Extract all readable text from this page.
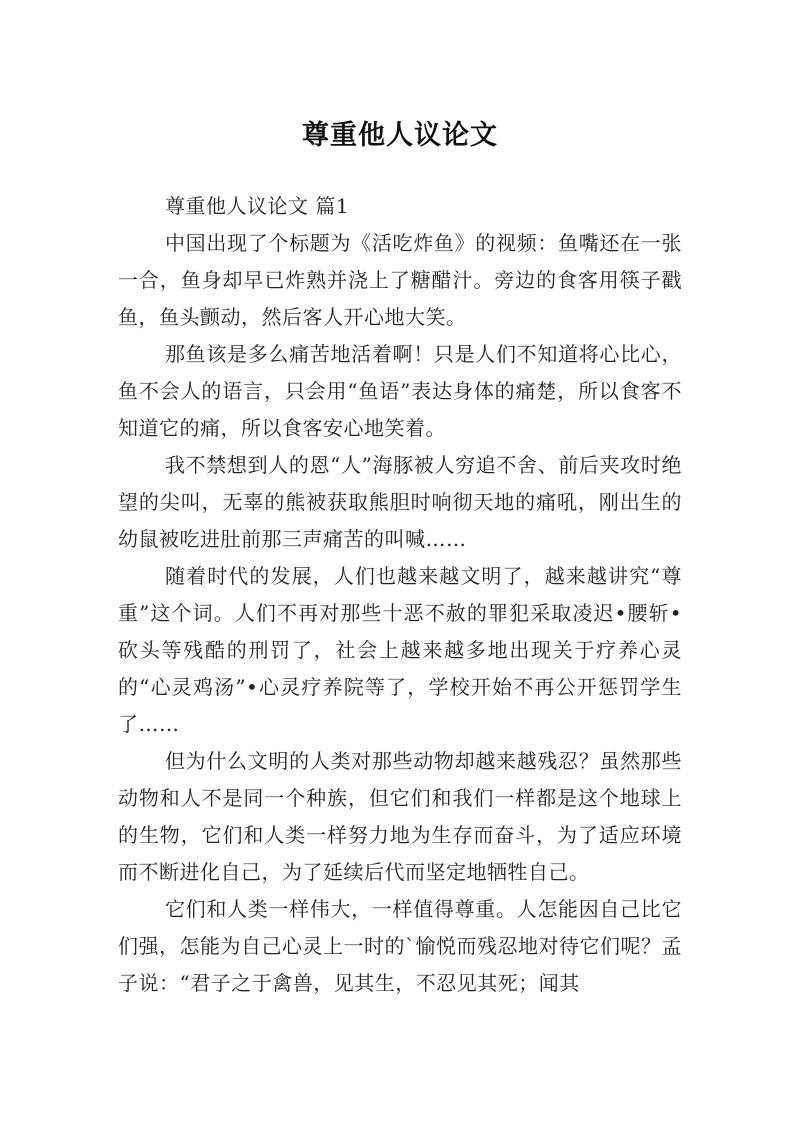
尊重他人议论文

尊重他人议论文 篇1

中国出现了个标题为《活吃炸鱼》的视频：鱼嘴还在一张一合，鱼身却早已炸熟并浇上了糖醋汁。旁边的食客用筷子戳鱼，鱼头颤动，然后客人开心地大笑。

那鱼该是多么痛苦地活着啊！只是人们不知道将心比心，鱼不会人的语言，只会用“鱼语”表达身体的痛楚，所以食客不知道它的痛，所以食客安心地笑着。

我不禁想到人的恩“人”海豚被人穷追不舍、前后夹攻时绝望的尖叫，无辜的熊被获取熊胆时响彻天地的痛吼，刚出生的幼鼠被吃进肚前那三声痛苦的叫喊……

随着时代的发展，人们也越来越文明了，越来越讲究“尊重”这个词。人们不再对那些十恶不赦的罪犯采取凌迟•腰斩•砍头等残酷的刑罚了，社会上越来越多地出现关于疗养心灵的“心灵鸡汤”•心灵疗养院等了，学校开始不再公开惩罚学生了……

但为什么文明的人类对那些动物却越来越残忍？虽然那些动物和人不是同一个种族，但它们和我们一样都是这个地球上的生物，它们和人类一样努力地为生存而奋斗，为了适应环境而不断进化自己，为了延续后代而坚定地牺牲自己。

它们和人类一样伟大，一样值得尊重。人怎能因自己比它们强，怎能为自己心灵上一时的`愉悦而残忍地对待它们呢？孟子说：“君子之于禽兽，见其生，不忍见其死；闻其
